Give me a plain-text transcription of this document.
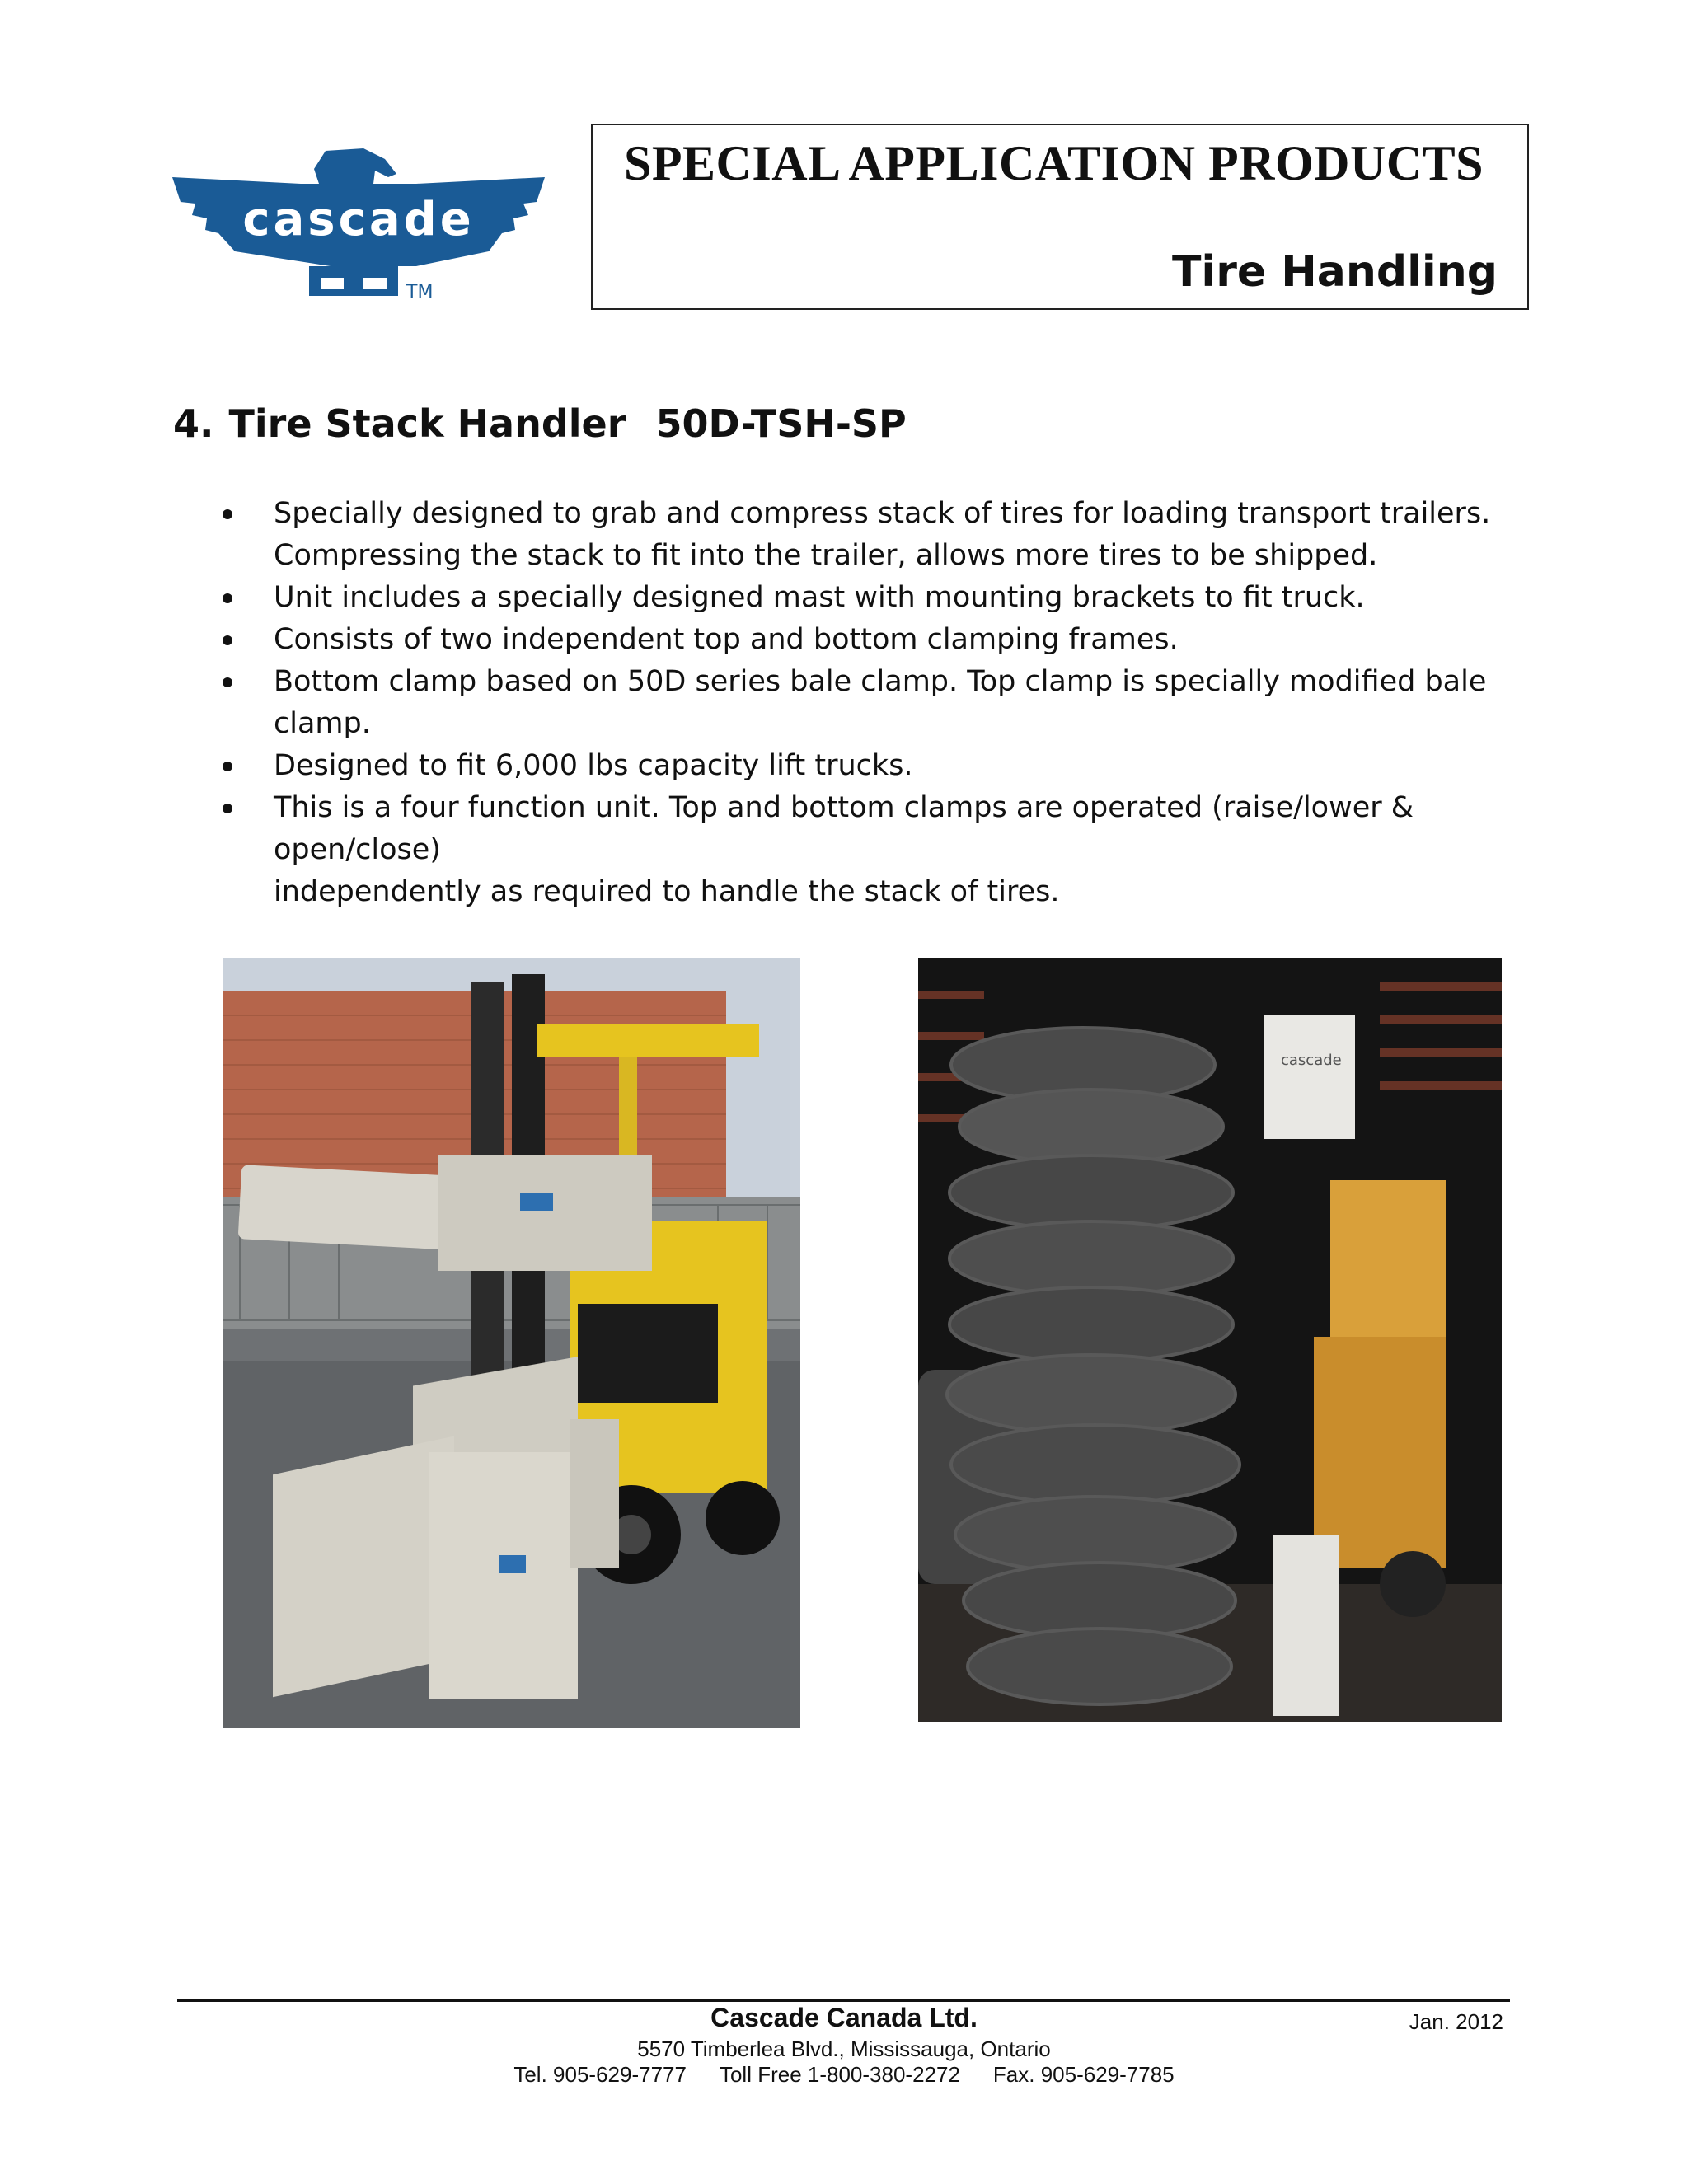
cascade
TM
SPECIAL APPLICATION PRODUCTS
Tire Handling
4. Tire Stack Handler 50D-TSH-SP
Specially designed to grab and compress stack of tires for loading transport trailers.
Compressing the stack to fit into the trailer, allows more tires to be shipped.
Unit includes a specially designed mast with mounting brackets to fit truck.
Consists of two independent top and bottom clamping frames.
Bottom clamp based on 50D series bale clamp. Top clamp is specially modified bale clamp.
Designed to fit 6,000 lbs capacity lift trucks.
This is a four function unit. Top and bottom clamps are operated (raise/lower & open/close)
independently as required to handle the stack of tires.
cascade
Cascade Canada Ltd.	Jan. 2012
5570 Timberlea Blvd., Mississauga, Ontario
Tel. 905-629-7777 Toll Free 1-800-380-2272 Fax. 905-629-7785
